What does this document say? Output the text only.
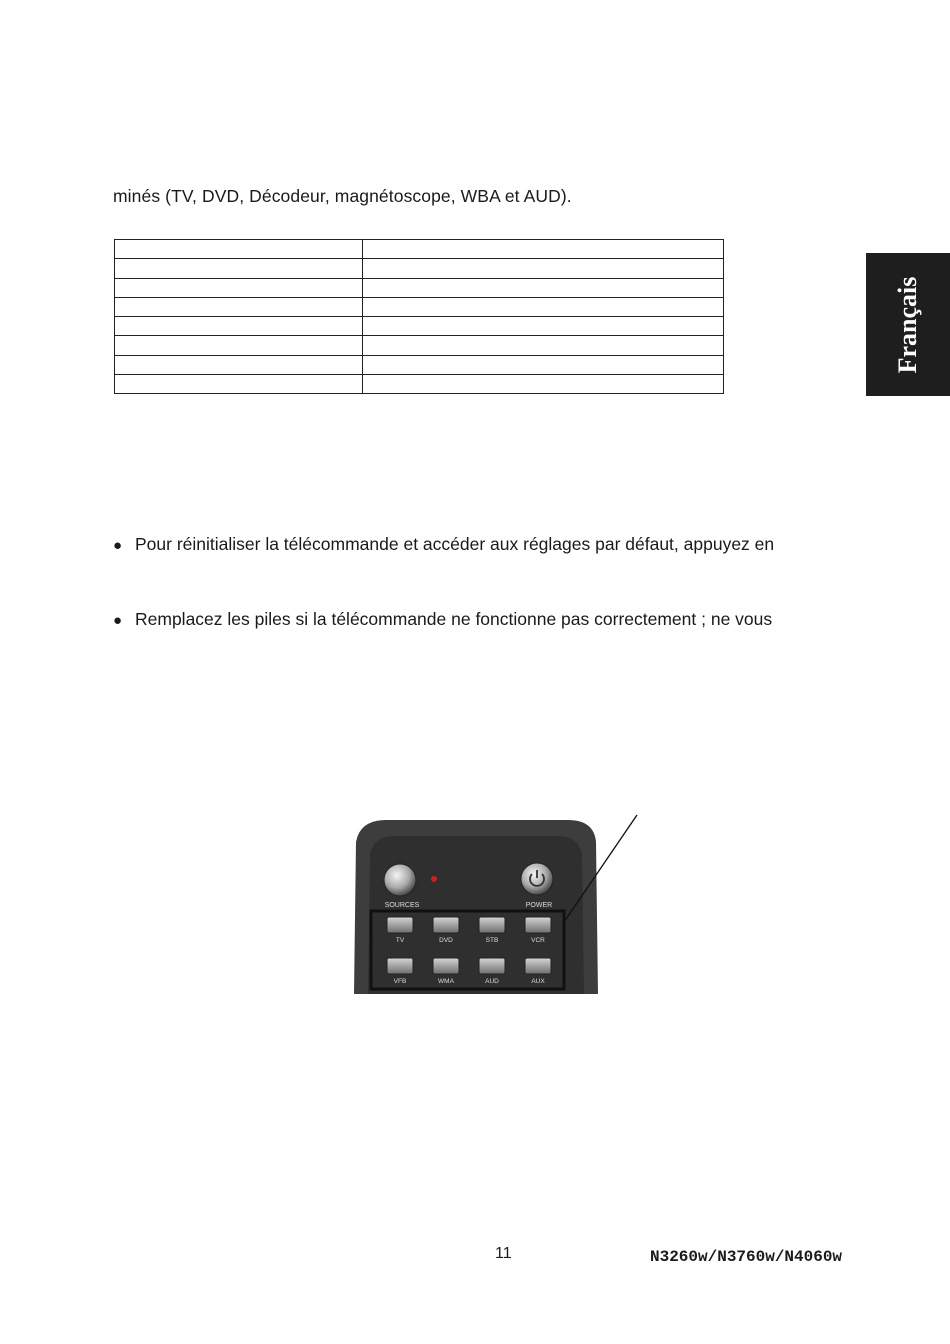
minés (TV, DVD, Décodeur, magnétoscope, WBA et AUD).

● Pour réinitialiser la télécommande et accéder aux réglages par défaut, appuyez en
● Remplacez les piles si la télécommande ne fonctionne pas correctement ; ne vous
Français
SOURCES	POWER
TV	DVD	STB	VCR
VFB	WMA	AUD	AUX
11	N3260w/N3760w/N4060w
